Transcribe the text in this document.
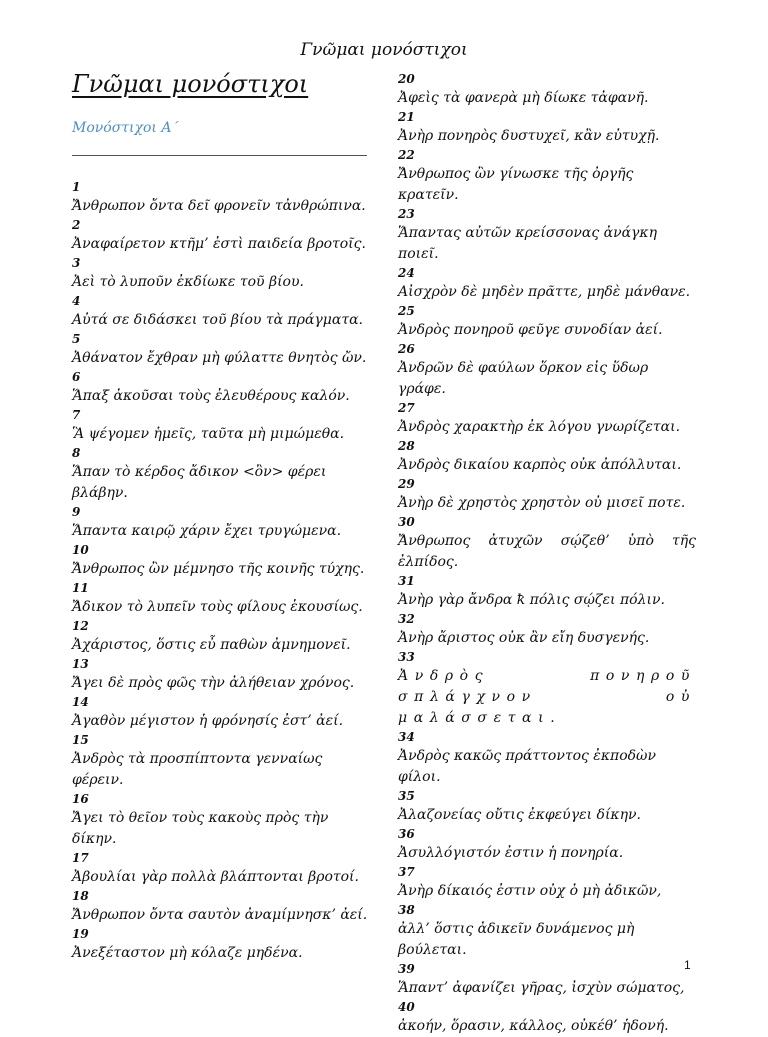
Γνῶμαι μονόστιχοι
Γνῶμαι μονόστιχοι
Μονόστιχοι Α΄
1
Ἄνθρωπον ὄντα δεῖ φρονεῖν τἀνθρώπινα.
2
Ἀναφαίρετον κτῆμ’ ἐστὶ παιδεία βροτοῖς.
3
Ἀεὶ τὸ λυποῦν ἐκδίωκε τοῦ βίου.
4
Αὐτά σε διδάσκει τοῦ βίου τὰ πράγματα.
5
Ἀθάνατον ἔχθραν μὴ φύλαττε θνητὸς ὤν.
6
Ἅπαξ ἀκοῦσαι τοὺς ἐλευθέρους καλόν.
7
Ἃ ψέγομεν ἡμεῖς, ταῦτα μὴ μιμώμεθα.
8
Ἅπαν τὸ κέρδος ἄδικον <ὂν> φέρει βλάβην.
9
Ἅπαντα καιρῷ χάριν ἔχει τρυγώμενα.
10
Ἄνθρωπος ὢν μέμνησο τῆς κοινῆς τύχης.
11
Ἄδικον τὸ λυπεῖν τοὺς φίλους ἑκουσίως.
12
Ἀχάριστος, ὅστις εὖ παθὼν ἀμνημονεῖ.
13
Ἄγει δὲ πρὸς φῶς τὴν ἀλήθειαν χρόνος.
14
Ἀγαθὸν μέγιστον ἡ φρόνησίς ἐστ’ ἀεί.
15
Ἀνδρὸς τὰ προσπίπτοντα γενναίως φέρειν.
16
Ἄγει τὸ θεῖον τοὺς κακοὺς πρὸς τὴν δίκην.
17
Ἀβουλίαι γὰρ πολλὰ βλάπτονται βροτοί.
18
Ἄνθρωπον ὄντα σαυτὸν ἀναμίμνησκ’ ἀεί.
19
Ἀνεξέταστον μὴ κόλαζε μηδένα.
20
Ἀφεὶς τὰ φανερὰ μὴ δίωκε τἀφανῆ.
21
Ἀνὴρ πονηρὸς δυστυχεῖ, κἂν εὐτυχῇ.
22
Ἄνθρωπος ὢν γίνωσκε τῆς ὀργῆς κρατεῖν.
23
Ἅπαντας αὐτῶν κρείσσονας ἀνάγκη ποιεῖ.
24
Αἰσχρὸν δὲ μηδὲν πρᾶττε, μηδὲ μάνθανε.
25
Ἀνδρὸς πονηροῦ φεῦγε συνοδίαν ἀεί.
26
Ἀνδρῶν δὲ φαύλων ὅρκον εἰς ὕδωρ γράφε.
27
Ἀνδρὸς χαρακτὴρ ἐκ λόγου γνωρίζεται.
28
Ἀνδρὸς δικαίου καρπὸς οὐκ ἀπόλλυται.
29
Ἀνὴρ δὲ χρηστὸς χρηστὸν οὐ μισεῖ ποτε.
30
Ἄνθρωπος ἀτυχῶν σῴζεθ’ ὑπὸ τῆς ἐλπίδος.
31
Ἀνὴρ γὰρ ἄνδρα ꝁ πόλις σῴζει πόλιν.
32
Ἀνὴρ ἄριστος οὐκ ἂν εἴη δυσγενής.
33
Ἀνδρὸς πονηροῦ σπλάγχνον οὐ μαλάσσεται.
34
Ἀνδρὸς κακῶς πράττοντος ἐκποδὼν φίλοι.
35
Ἀλαζονείας οὔτις ἐκφεύγει δίκην.
36
Ἀσυλλόγιστόν ἐστιν ἡ πονηρία.
37
Ἀνὴρ δίκαιός ἐστιν οὐχ ὁ μὴ ἀδικῶν,
38
ἀλλ’ ὅστις ἀδικεῖν δυνάμενος μὴ βούλεται.
39
Ἅπαντ’ ἀφανίζει γῆρας, ἰσχὺν σώματος,
40
ἀκοήν, ὅρασιν, κάλλος, οὐκέθ’ ἡδονή.
1
